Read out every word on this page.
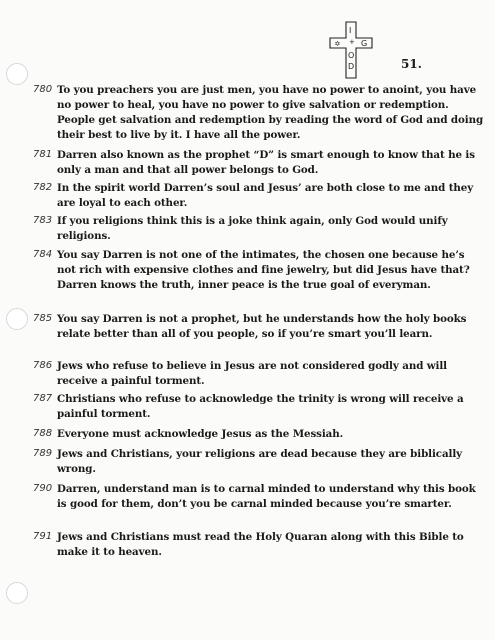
✡
I
+ G
O
D	51.
780 To you preachers you are just men, you have no power to anoint, you have no power to heal, you have no power to give salvation or redemption. People get salvation and redemption by reading the word of God and doing their best to live by it. I have all the power.
781 Darren also known as the prophet “D” is smart enough to know that he is only a man and that all power belongs to God.
782 In the spirit world Darren’s soul and Jesus’ are both close to me and they are loyal to each other.
783 If you religions think this is a joke think again, only God would unify religions.
784 You say Darren is not one of the intimates, the chosen one because he’s not rich with expensive clothes and fine jewelry, but did Jesus have that? Darren knows the truth, inner peace is the true goal of everyman.
785 You say Darren is not a prophet, but he understands how the holy books relate better than all of you people, so if you’re smart you’ll learn.
786 Jews who refuse to believe in Jesus are not considered godly and will receive a painful torment.
787 Christians who refuse to acknowledge the trinity is wrong will receive a painful torment.
788 Everyone must acknowledge Jesus as the Messiah.
789 Jews and Christians, your religions are dead because they are biblically wrong.
790 Darren, understand man is to carnal minded to understand why this book is good for them, don’t you be carnal minded because you’re smarter.
791 Jews and Christians must read the Holy Quaran along with this Bible to make it to heaven.
